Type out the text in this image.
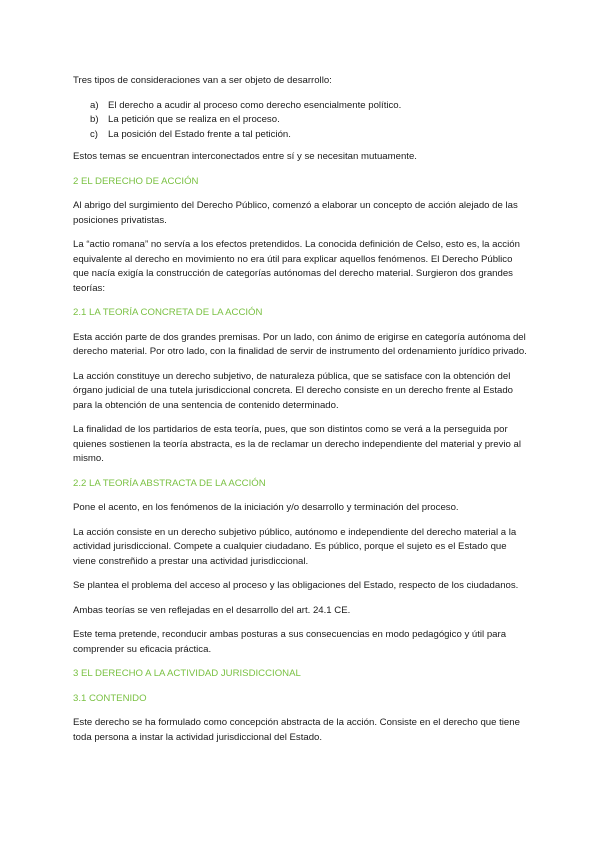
Tres tipos de consideraciones van a ser objeto de desarrollo:

a) El derecho a acudir al proceso como derecho esencialmente político.
b) La petición que se realiza en el proceso.
c)	La posición del Estado frente a tal petición.

Estos temas se encuentran interconectados entre sí y se necesitan mutuamente.

2 EL DERECHO DE ACCIÓN

Al abrigo del surgimiento del Derecho Público, comenzó a elaborar un concepto de acción alejado de las posiciones privatistas.

La “actio romana” no servía a los efectos pretendidos. La conocida definición de Celso, esto es, la acción equivalente al derecho en movimiento no era útil para explicar aquellos fenómenos. El Derecho Público que nacía exigía la construcción de categorías autónomas del derecho material. Surgieron dos grandes teorías:

2.1 LA TEORÍA CONCRETA DE LA ACCIÓN

Esta acción parte de dos grandes premisas. Por un lado, con ánimo de erigirse en categoría autónoma del derecho material. Por otro lado, con la finalidad de servir de instrumento del ordenamiento jurídico privado.

La acción constituye un derecho subjetivo, de naturaleza pública, que se satisface con la obtención del órgano judicial de una tutela jurisdiccional concreta. El derecho consiste en un derecho frente al Estado para la obtención de una sentencia de contenido determinado.

La finalidad de los partidarios de esta teoría, pues, que son distintos como se verá a la perseguida por quienes sostienen la teoría abstracta, es la de reclamar un derecho independiente del material y previo al mismo.

2.2 LA TEORÍA ABSTRACTA DE LA ACCIÓN

Pone el acento, en los fenómenos de la iniciación y/o desarrollo y terminación del proceso.

La acción consiste en un derecho subjetivo público, autónomo e independiente del derecho material a la actividad jurisdiccional. Compete a cualquier ciudadano. Es público, porque el sujeto es el Estado que viene constreñido a prestar una actividad jurisdiccional.

Se plantea el problema del acceso al proceso y las obligaciones del Estado, respecto de los ciudadanos.

Ambas teorías se ven reflejadas en el desarrollo del art. 24.1 CE.

Este tema pretende, reconducir ambas posturas a sus consecuencias en modo pedagógico y útil para comprender su eficacia práctica.

3 EL DERECHO A LA ACTIVIDAD JURISDICCIONAL
3.1 CONTENIDO

Este derecho se ha formulado como concepción abstracta de la acción. Consiste en el derecho que tiene toda persona a instar la actividad jurisdiccional del Estado.
